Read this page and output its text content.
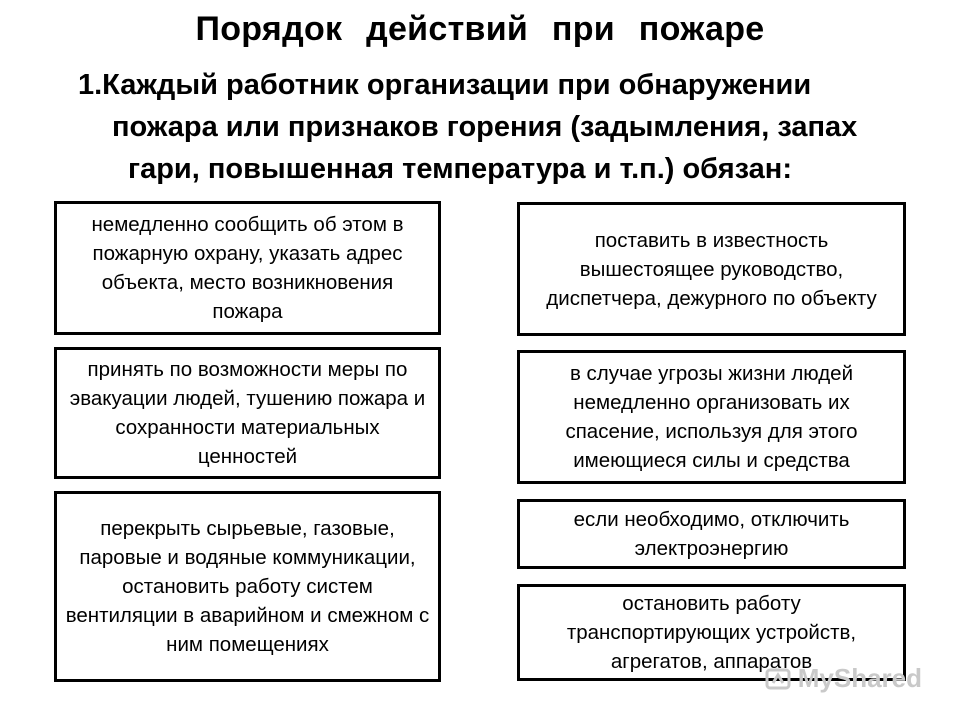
Порядок действий при пожаре
1.Каждый работник организации при обнаружении
пожара или признаков горения (задымления, запах
гари, повышенная температура и т.п.) обязан:
немедленно сообщить об этом в пожарную охрану, указать адрес объекта, место возникновения пожара
принять по возможности меры по эвакуации людей, тушению пожара и сохранности материальных ценностей
перекрыть сырьевые, газовые, паровые и водяные коммуникации, остановить работу систем вентиляции в аварийном и смежном с ним помещениях
поставить в известность вышестоящее руководство, диспетчера, дежурного по объекту
в случае угрозы жизни людей немедленно организовать их спасение, используя для этого имеющиеся силы и средства
если необходимо, отключить электроэнергию
остановить работу транспортирующих устройств, агрегатов, аппаратов
MyShared
